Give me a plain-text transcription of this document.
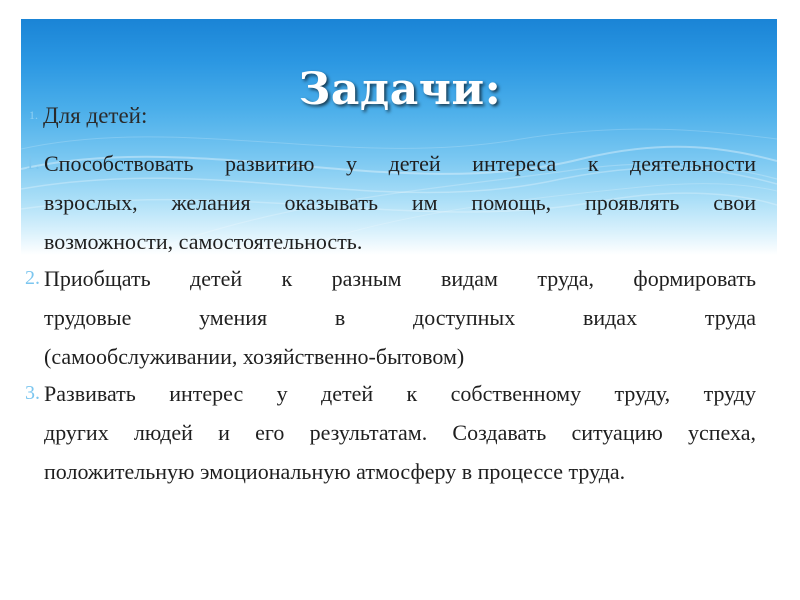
Задачи:
1. Для детей:
1. Способствовать развитию у детей интереса к деятельности
взрослых, желания оказывать им помощь, проявлять свои
возможности, самостоятельность.
2. Приобщать детей к разным видам труда, формировать
трудовые умения в доступных видах труда
(самообслуживании, хозяйственно-бытовом)
3. Развивать интерес у детей к собственному труду, труду
других людей и его результатам. Создавать ситуацию успеха,
положительную эмоциональную атмосферу в процессе труда.
